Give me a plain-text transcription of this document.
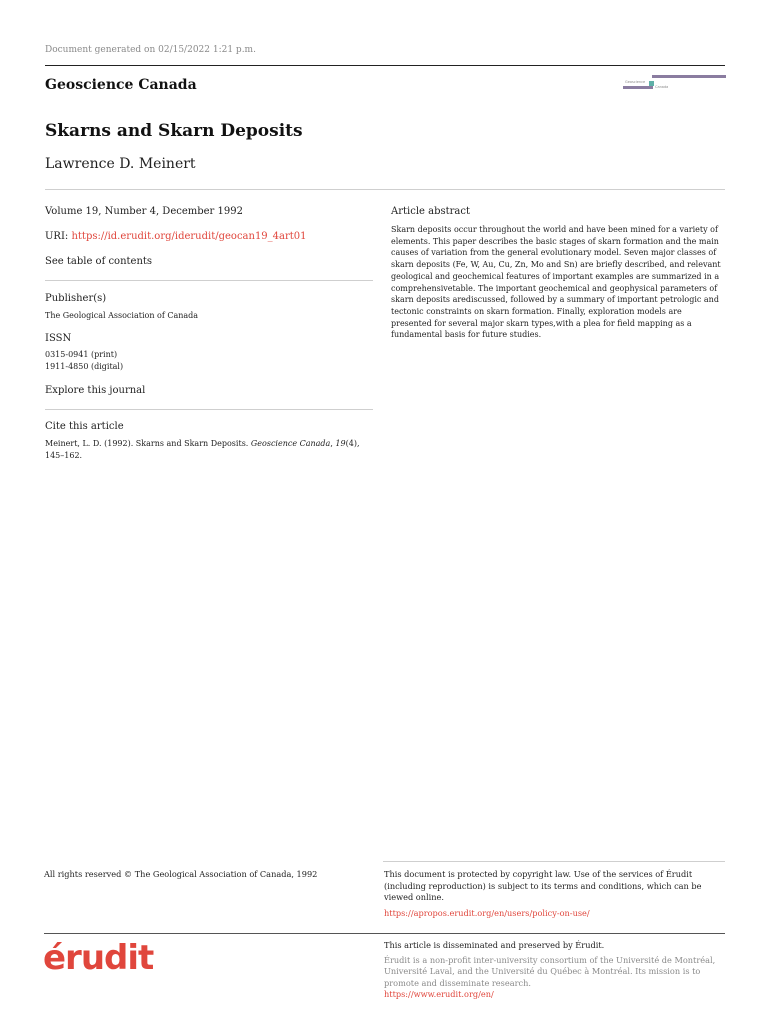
Document generated on 02/15/2022 1:21 p.m.
Geoscience Canada	Geoscience
Canada
Skarns and Skarn Deposits
Lawrence D. Meinert
Volume 19, Number 4, December 1992
URI: https://id.erudit.org/iderudit/geocan19_4art01
See table of contents
Publisher(s)
The Geological Association of Canada
ISSN
0315-0941 (print)
1911-4850 (digital)
Explore this journal
Cite this article
Meinert, L. D. (1992). Skarns and Skarn Deposits. Geoscience Canada, 19(4), 145–162.
Article abstract
Skarn deposits occur throughout the world and have been mined for a variety of elements. This paper describes the basic stages of skarn formation and the main causes of variation from the general evolutionary model. Seven major classes of skarn deposits (Fe, W, Au, Cu, Zn, Mo and Sn) are briefly described, and relevant geological and geochemical features of important examples are summarized in a comprehensivetable. The important geochemical and geophysical parameters of skarn deposits arediscussed, followed by a summary of important petrologic and tectonic constraints on skarn formation. Finally, exploration models are presented for several major skarn types,with a plea for field mapping as a fundamental basis for future studies.
All rights reserved © The Geological Association of Canada, 1992	This document is protected by copyright law. Use of the services of Érudit (including reproduction) is subject to its terms and conditions, which can be viewed online.
https://apropos.erudit.org/en/users/policy-on-use/
érudit	This article is disseminated and preserved by Érudit.
Érudit is a non-profit inter-university consortium of the Université de Montréal, Université Laval, and the Université du Québec à Montréal. Its mission is to promote and disseminate research.
https://www.erudit.org/en/
